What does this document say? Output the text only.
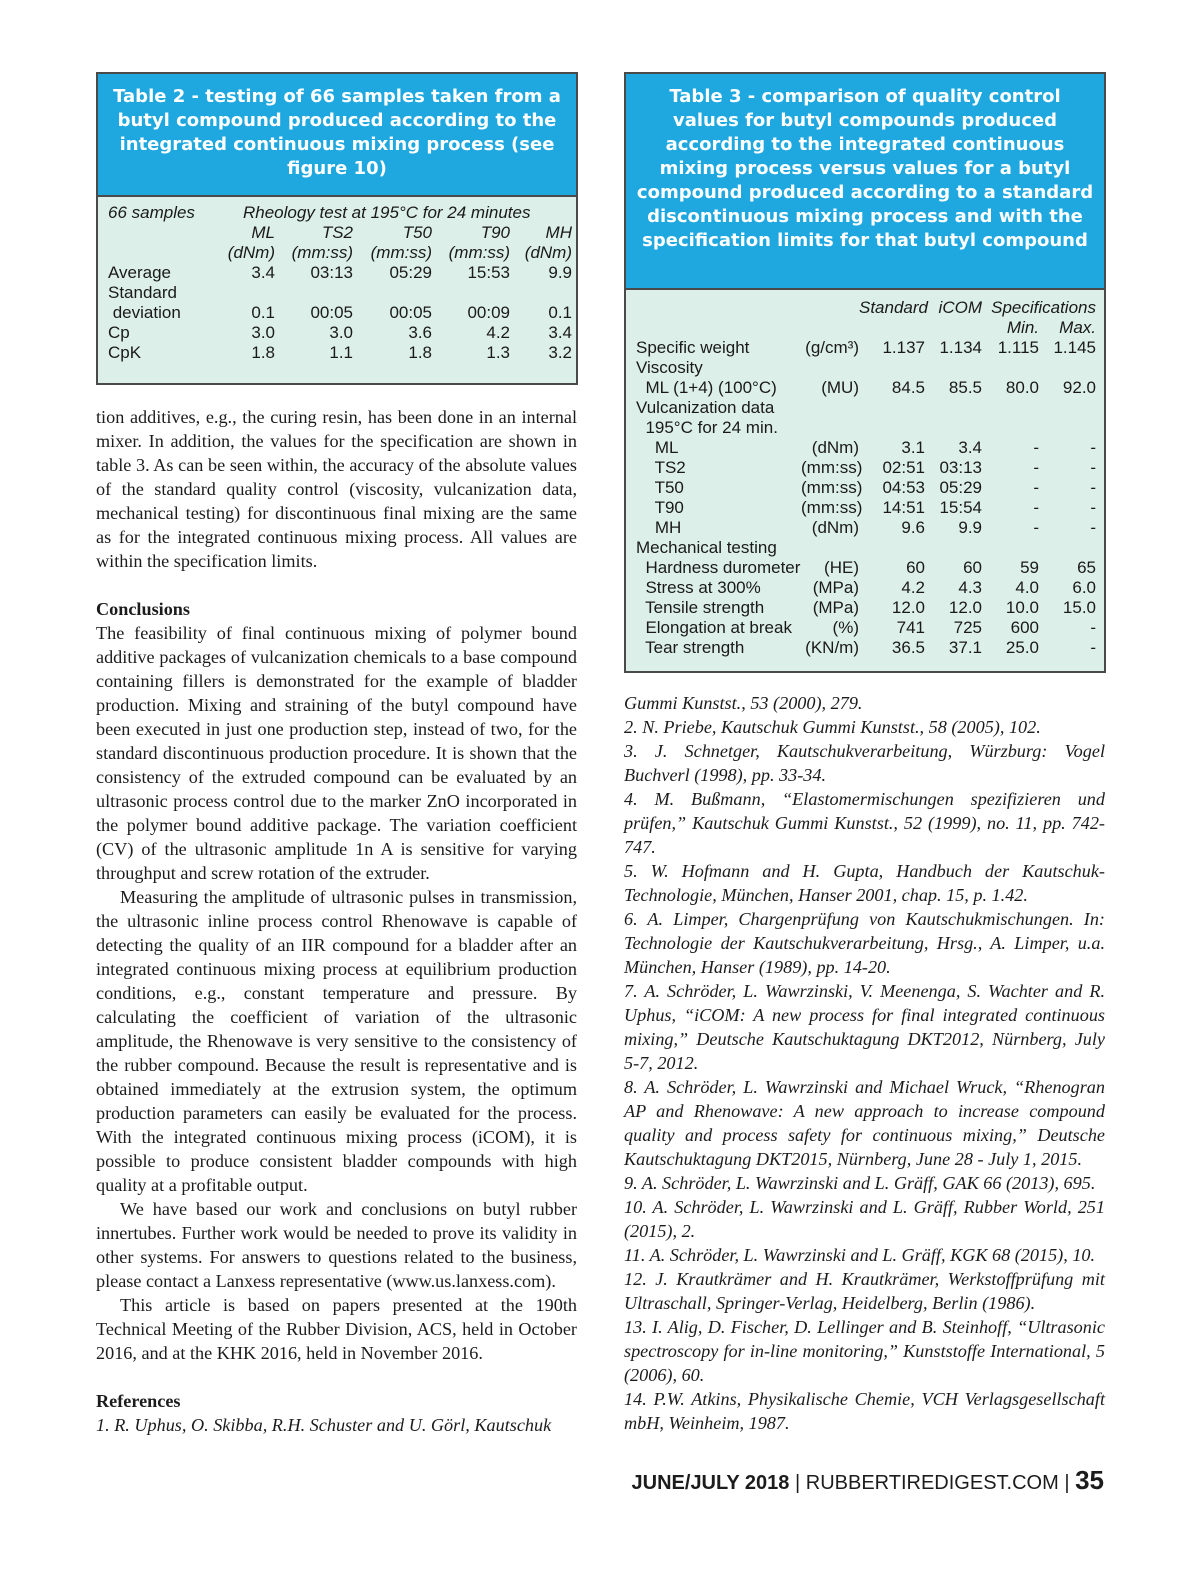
Table 2 - testing of 66 samples taken from a butyl compound produced according to the integrated continuous mixing process (see figure 10)
66 samples	Rheology test at 195°C for 24 minutes
ML	TS2	T50	T90	MH
(dNm) (mm:ss)	(mm:ss) (mm:ss) (dNm)
Average	3.4	03:13	05:29	15:53	9.9
Standard
deviation	0.1	00:05	00:05	00:09	0.1
Cp	3.0	3.0	3.6	4.2	3.4
CpK	1.8	1.1	1.8	1.3	3.2
Table 3 - comparison of quality control values for butyl compounds produced according to the integrated continuous mixing process versus values for a butyl compound produced according to a standard discontinuous mixing process and with the specification limits for that butyl compound
Standard iCOM Specifications
Min.	Max.
Specific weight	(g/cm³)	1.137 1.134 1.115 1.145
Viscosity
ML (1+4) (100°C)	(MU)	84.5	85.5	80.0	92.0
Vulcanization data
195°C for 24 min.
ML	(dNm)	3.1	3.4	-	-
TS2	(mm:ss)	02:51 03:13	-	-
T50	(mm:ss)	04:53 05:29	-	-
T90	(mm:ss)	14:51 15:54	-	-
MH	(dNm)	9.6	9.9	-	-
Mechanical testing
Hardness durometer	(HE)	60	60	59	65
Stress at 300%	(MPa)	4.2	4.3	4.0	6.0
Tensile strength	(MPa)	12.0	12.0	10.0	15.0
Elongation at break	(%)	741	725	600	-
Tear strength	(KN/m)	36.5	37.1	25.0	-

tion additives, e.g., the curing resin, has been done in an internal mixer. In addition, the values for the specification are shown in table 3. As can be seen within, the accuracy of the absolute values of the standard quality control (viscosity, vulcanization data, mechanical testing) for discontinuous final mixing are the same as for the integrated continuous mixing process. All values are within the specification limits.

Conclusions

The feasibility of final continuous mixing of polymer bound additive packages of vulcanization chemicals to a base compound containing fillers is demonstrated for the example of bladder production. Mixing and straining of the butyl compound have been executed in just one production step, instead of two, for the standard discontinuous production procedure. It is shown that the consistency of the extruded compound can be evaluated by an ultrasonic process control due to the marker ZnO incorporated in the polymer bound additive package. The variation coefficient (CV) of the ultrasonic amplitude 1n A is sensitive for varying throughput and screw rotation of the extruder.

Measuring the amplitude of ultrasonic pulses in transmission, the ultrasonic inline process control Rhenowave is capable of detecting the quality of an IIR compound for a bladder after an integrated continuous mixing process at equilibrium production conditions, e.g., constant temperature and pressure. By calculating the coefficient of variation of the ultrasonic amplitude, the Rhenowave is very sensitive to the consistency of the rubber compound. Because the result is representative and is obtained immediately at the extrusion system, the optimum production parameters can easily be evaluated for the process. With the integrated continuous mixing process (iCOM), it is possible to produce consistent bladder compounds with high quality at a profitable output.

We have based our work and conclusions on butyl rubber innertubes. Further work would be needed to prove its validity in other systems. For answers to questions related to the business, please contact a Lanxess representative (www.us.lanxess.com).

This article is based on papers presented at the 190th Technical Meeting of the Rubber Division, ACS, held in October 2016, and at the KHK 2016, held in November 2016.

References

1. R. Uphus, O. Skibba, R.H. Schuster and U. Görl, Kautschuk

Gummi Kunstst., 53 (2000), 279.

2. N. Priebe, Kautschuk Gummi Kunstst., 58 (2005), 102.

3. J. Schnetger, Kautschukverarbeitung, Würzburg: Vogel Buchverl (1998), pp. 33-34.

4. M. Bußmann, “Elastomermischungen spezifizieren und prüfen,” Kautschuk Gummi Kunstst., 52 (1999), no. 11, pp. 742-747.

5. W. Hofmann and H. Gupta, Handbuch der Kautschuk-Technologie, München, Hanser 2001, chap. 15, p. 1.42.

6. A. Limper, Chargenprüfung von Kautschukmischungen. In: Technologie der Kautschukverarbeitung, Hrsg., A. Limper, u.a. München, Hanser (1989), pp. 14-20.

7. A. Schröder, L. Wawrzinski, V. Meenenga, S. Wachter and R. Uphus, “iCOM: A new process for final integrated continuous mixing,” Deutsche Kautschuktagung DKT2012, Nürnberg, July 5-7, 2012.

8. A. Schröder, L. Wawrzinski and Michael Wruck, “Rhenogran AP and Rhenowave: A new approach to increase compound quality and process safety for continuous mixing,” Deutsche Kautschuktagung DKT2015, Nürnberg, June 28 - July 1, 2015.

9. A. Schröder, L. Wawrzinski and L. Gräff, GAK 66 (2013), 695.

10. A. Schröder, L. Wawrzinski and L. Gräff, Rubber World, 251 (2015), 2.

11. A. Schröder, L. Wawrzinski and L. Gräff, KGK 68 (2015), 10.

12. J. Krautkrämer and H. Krautkrämer, Werkstoffprüfung mit Ultraschall, Springer-Verlag, Heidelberg, Berlin (1986).

13. I. Alig, D. Fischer, D. Lellinger and B. Steinhoff, “Ultrasonic spectroscopy for in-line monitoring,” Kunststoffe International, 5 (2006), 60.

14. P.W. Atkins, Physikalische Chemie, VCH Verlagsgesellschaft mbH, Weinheim, 1987.

JUNE/JULY 2018 | RUBBERTIREDIGEST.COM | 35
